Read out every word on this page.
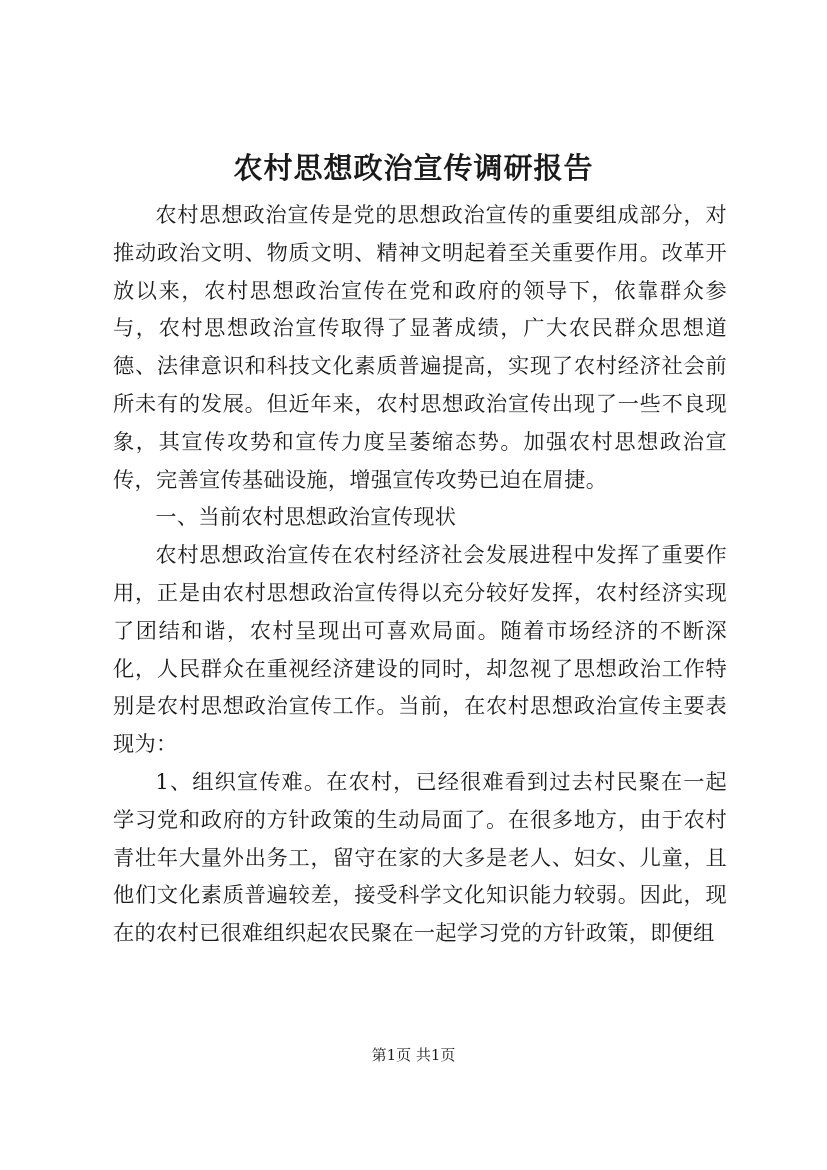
农村思想政治宣传调研报告

农村思想政治宣传是党的思想政治宣传的重要组成部分，对推动政治文明、物质文明、精神文明起着至关重要作用。改革开放以来，农村思想政治宣传在党和政府的领导下，依靠群众参与，农村思想政治宣传取得了显著成绩，广大农民群众思想道德、法律意识和科技文化素质普遍提高，实现了农村经济社会前所未有的发展。但近年来，农村思想政治宣传出现了一些不良现象，其宣传攻势和宣传力度呈萎缩态势。加强农村思想政治宣传，完善宣传基础设施，增强宣传攻势已迫在眉捷。

一、当前农村思想政治宣传现状

农村思想政治宣传在农村经济社会发展进程中发挥了重要作用，正是由农村思想政治宣传得以充分较好发挥，农村经济实现了团结和谐，农村呈现出可喜欢局面。随着市场经济的不断深化，人民群众在重视经济建设的同时，却忽视了思想政治工作特别是农村思想政治宣传工作。当前，在农村思想政治宣传主要表现为：

1、组织宣传难。在农村，已经很难看到过去村民聚在一起学习党和政府的方针政策的生动局面了。在很多地方，由于农村青壮年大量外出务工，留守在家的大多是老人、妇女、儿童，且他们文化素质普遍较差，接受科学文化知识能力较弱。因此，现在的农村已很难组织起农民聚在一起学习党的方针政策，即便组

第1页 共1页
